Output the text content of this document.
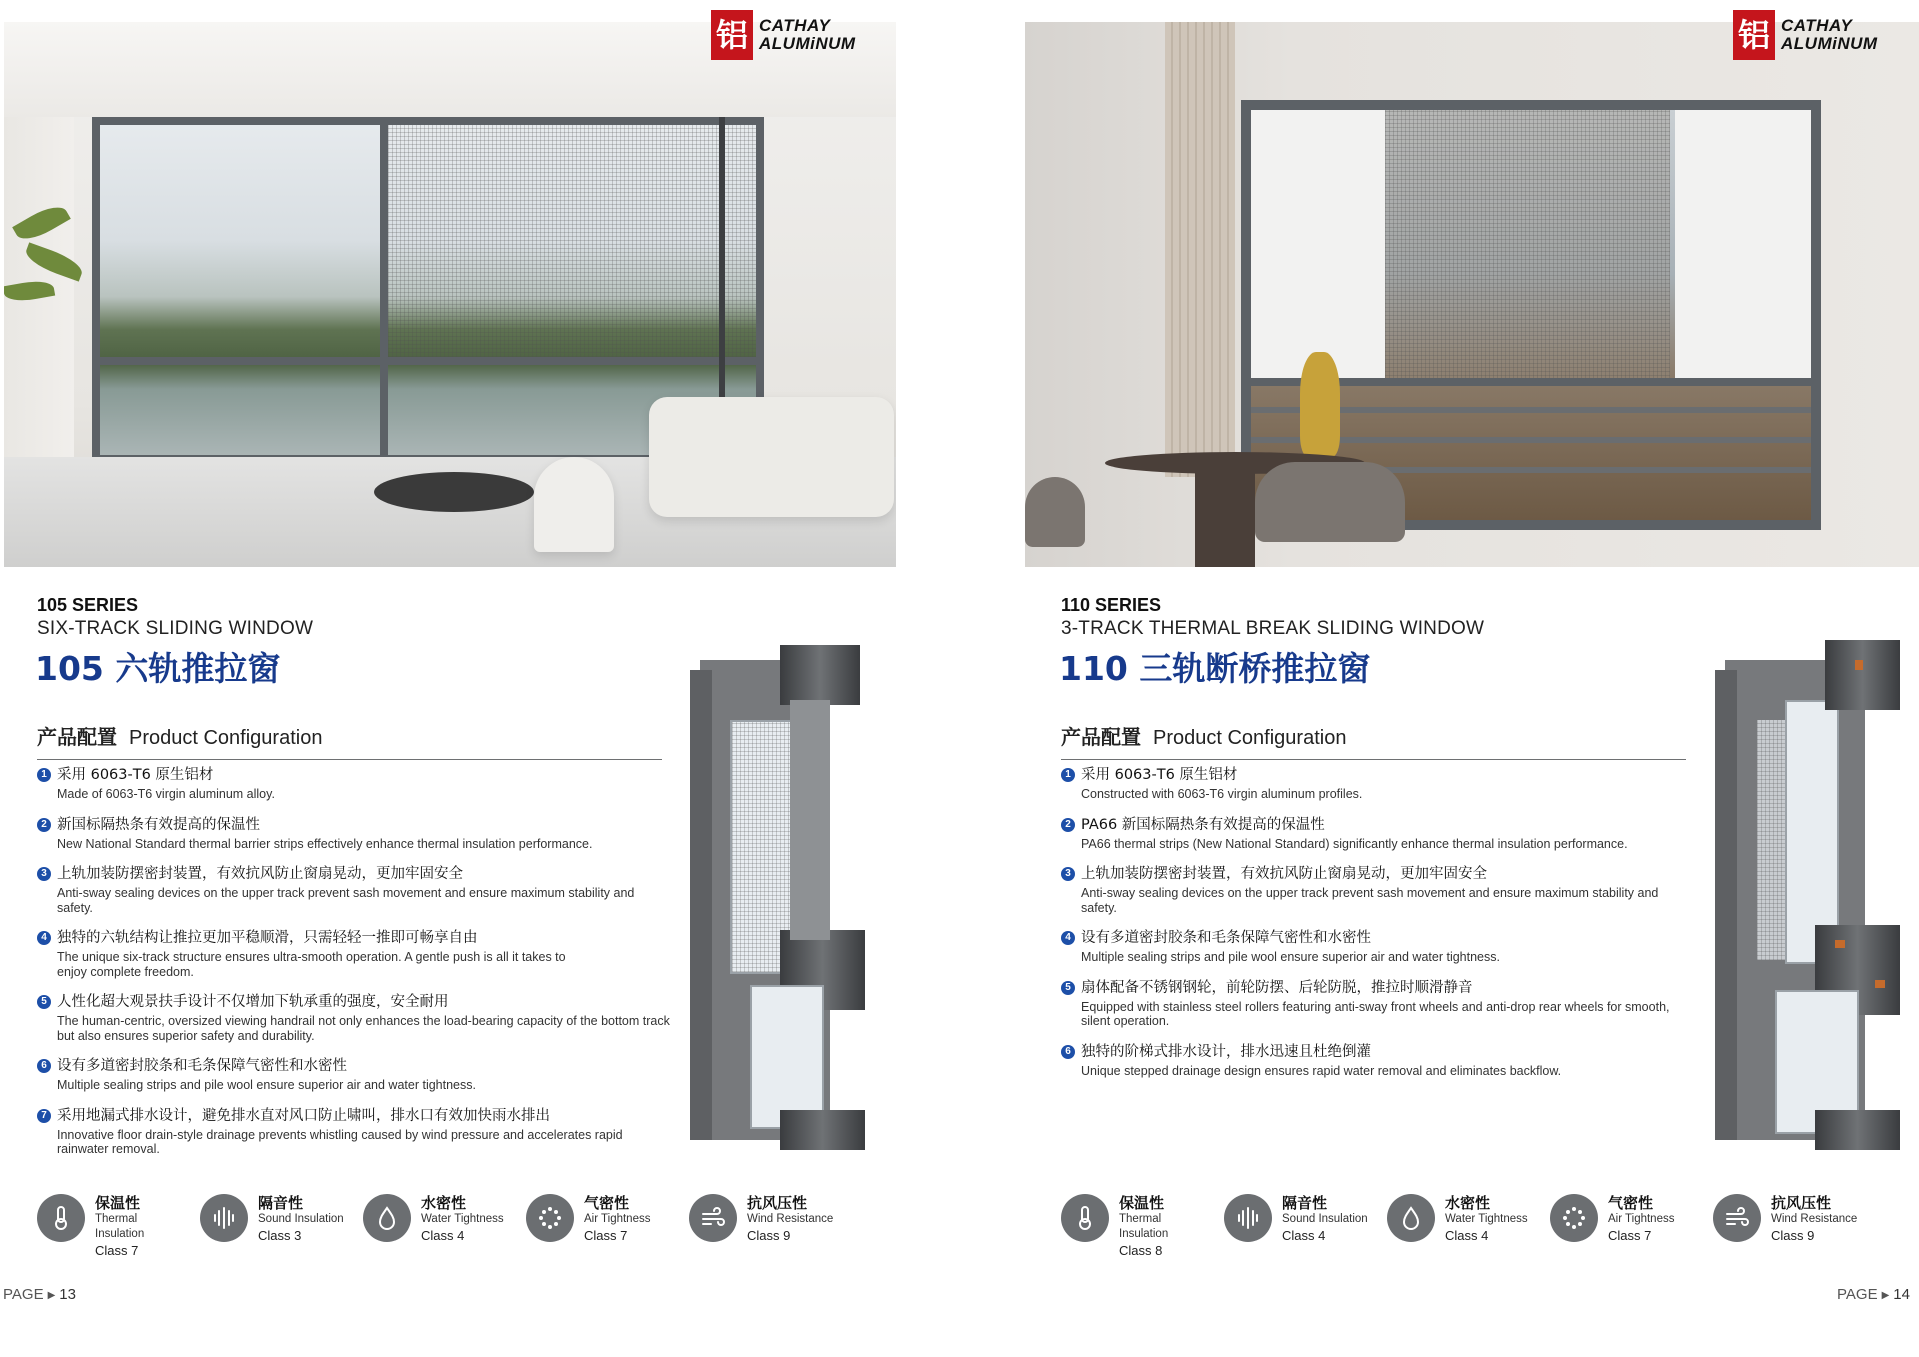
铝 CATHAY
ALUMiNUM
105 SERIES
SIX-TRACK SLIDING WINDOW
105 六轨推拉窗
产品配置 Product Configuration
1 采用 6063-T6 原生铝材
Made of 6063-T6 virgin aluminum alloy.
2 新国标隔热条有效提高的保温性
New National Standard thermal barrier strips effectively enhance thermal insulation performance.
3 上轨加装防摆密封装置，有效抗风防止窗扇晃动，更加牢固安全
Anti-sway sealing devices on the upper track prevent sash movement and ensure maximum stability and safety.
4 独特的六轨结构让推拉更加平稳顺滑，只需轻轻一推即可畅享自由
The unique six-track structure ensures ultra-smooth operation. A gentle push is all it takes to enjoy complete freedom.
5 人性化超大观景扶手设计不仅增加下轨承重的强度，安全耐用
The human-centric, oversized viewing handrail not only enhances the load-bearing capacity of the bottom track but also ensures superior safety and durability.
6 设有多道密封胶条和毛条保障气密性和水密性
Multiple sealing strips and pile wool ensure superior air and water tightness.
7 采用地漏式排水设计，避免排水直对风口防止啸叫，排水口有效加快雨水排出
Innovative floor drain-style drainage prevents whistling caused by wind pressure and accelerates rapid rainwater removal.
保温性
Thermal Insulation
Class 7
隔音性
Sound Insulation
Class 3
水密性
Water Tightness
Class 4
气密性
Air Tightness
Class 7
抗风压性
Wind Resistance
Class 9
PAGE ▶ 13
铝 CATHAY
ALUMiNUM
110 SERIES
3-TRACK THERMAL BREAK SLIDING WINDOW
110 三轨断桥推拉窗
产品配置 Product Configuration
1 采用 6063-T6 原生铝材
Constructed with 6063-T6 virgin aluminum profiles.
2 PA66 新国标隔热条有效提高的保温性
PA66 thermal strips (New National Standard) significantly enhance thermal insulation performance.
3 上轨加装防摆密封装置，有效抗风防止窗扇晃动，更加牢固安全
Anti-sway sealing devices on the upper track prevent sash movement and ensure maximum stability and safety.
4 设有多道密封胶条和毛条保障气密性和水密性
Multiple sealing strips and pile wool ensure superior air and water tightness.
5 扇体配备不锈钢钢轮，前轮防摆、后轮防脱，推拉时顺滑静音
Equipped with stainless steel rollers featuring anti-sway front wheels and anti-drop rear wheels for smooth, silent operation.
6 独特的阶梯式排水设计，排水迅速且杜绝倒灌
Unique stepped drainage design ensures rapid water removal and eliminates backflow.
保温性
Thermal Insulation
Class 8
隔音性
Sound Insulation
Class 4
水密性
Water Tightness
Class 4
气密性
Air Tightness
Class 7
抗风压性
Wind Resistance
Class 9
PAGE ▶ 14
